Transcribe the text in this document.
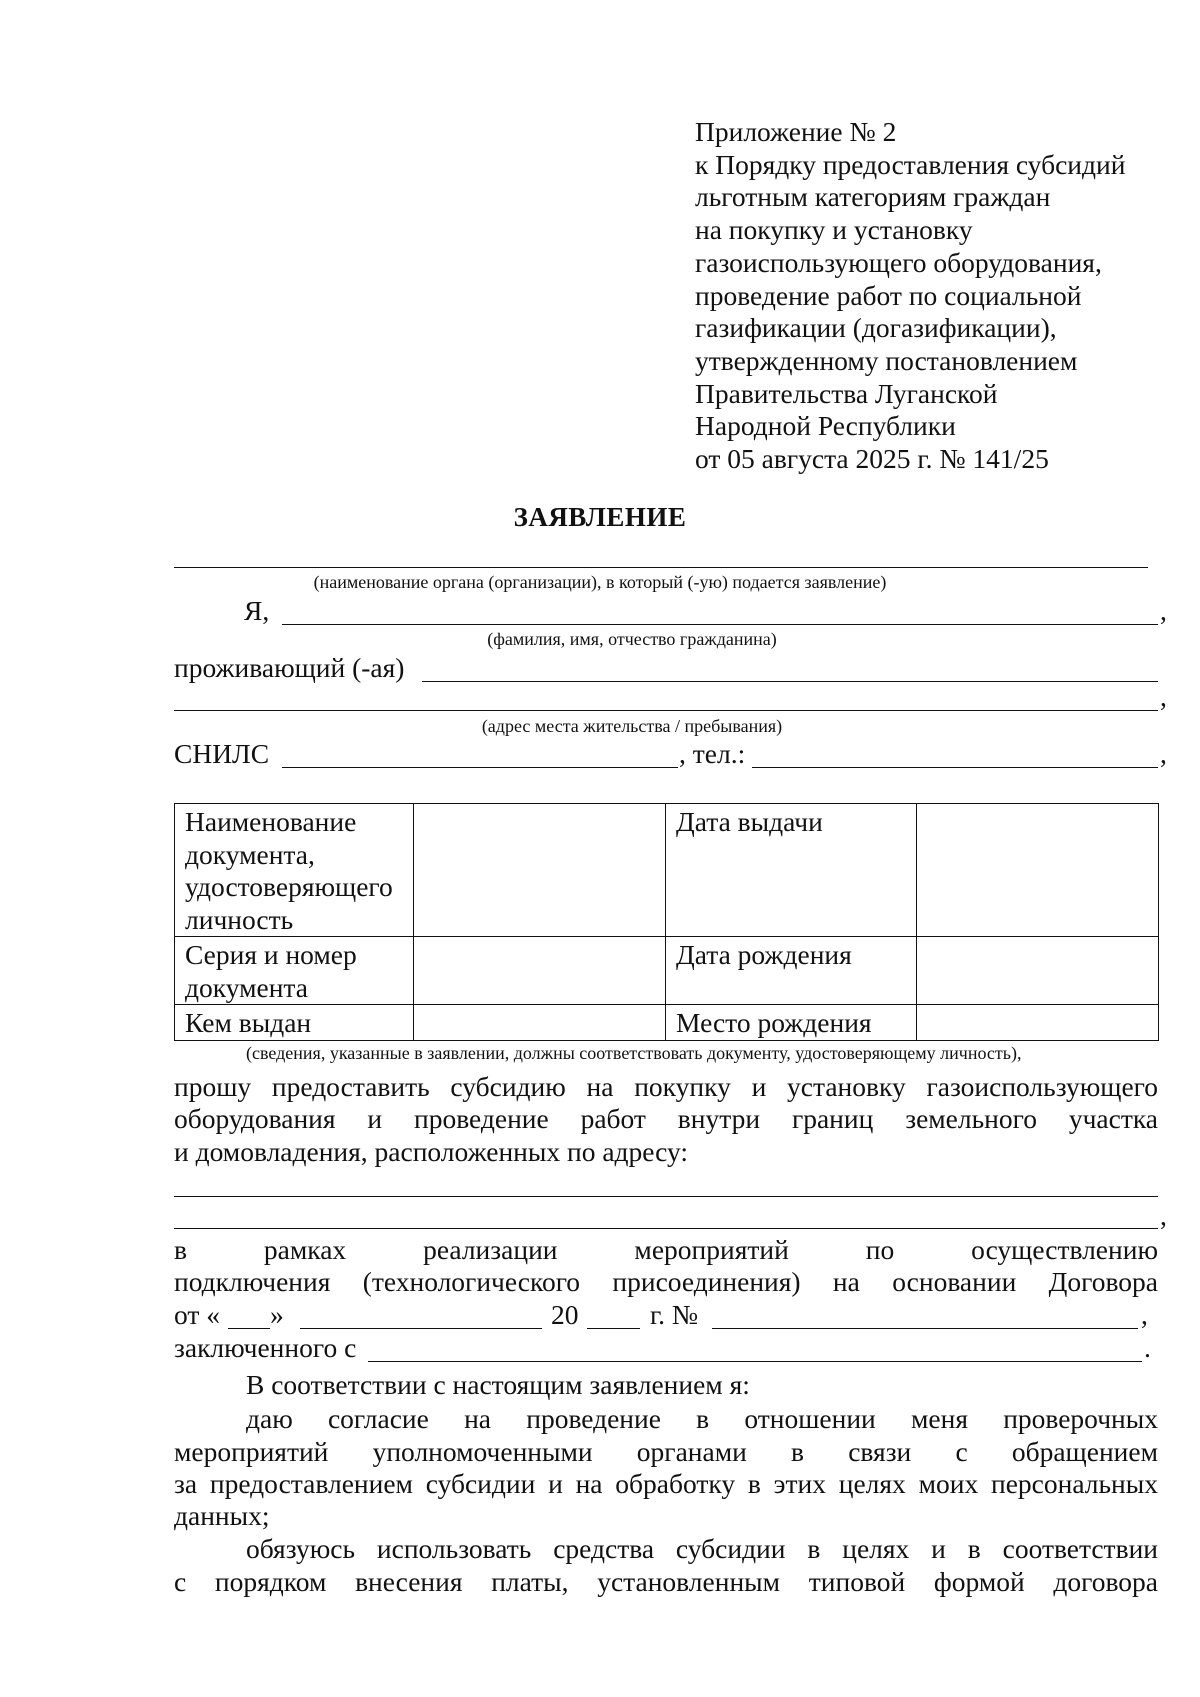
Приложение № 2
к Порядку предоставления субсидий
льготным категориям граждан
на покупку и установку
газоиспользующего оборудования,
проведение работ по социальной
газификации (догазификации),
утвержденному постановлением
Правительства Луганской
Народной Республики
от 05 августа 2025 г. № 141/25
ЗАЯВЛЕНИЕ
(наименование органа (организации), в который (-ую) подается заявление)
Я,	,
(фамилия, имя, отчество гражданина)
проживающий (-ая)
,
(адрес места жительства / пребывания)
СНИЛС	, тел.:	,
Наименование документа, удостоверяющего личность		Дата выдачи	
Серия и номер документа		Дата рождения	
Кем выдан		Место рождения	
(сведения, указанные в заявлении, должны соответствовать документу, удостоверяющему личность),
прошу предоставить субсидию на покупку и установку газоиспользующего
оборудования и проведение работ внутри границ земельного участка
и домовладения, расположенных по адресу:
,
в рамках реализации мероприятий по осуществлению
подключения (технологического присоединения) на основании Договора
от « »	20	г. №	,
заключенного с	.
В соответствии с настоящим заявлением я:
даю согласие на проведение в отношении меня проверочных
мероприятий уполномоченными органами в связи с обращением
за предоставлением субсидии и на обработку в этих целях моих персональных
данных;
обязуюсь использовать средства субсидии в целях и в соответствии
с порядком внесения платы, установленным типовой формой договора
